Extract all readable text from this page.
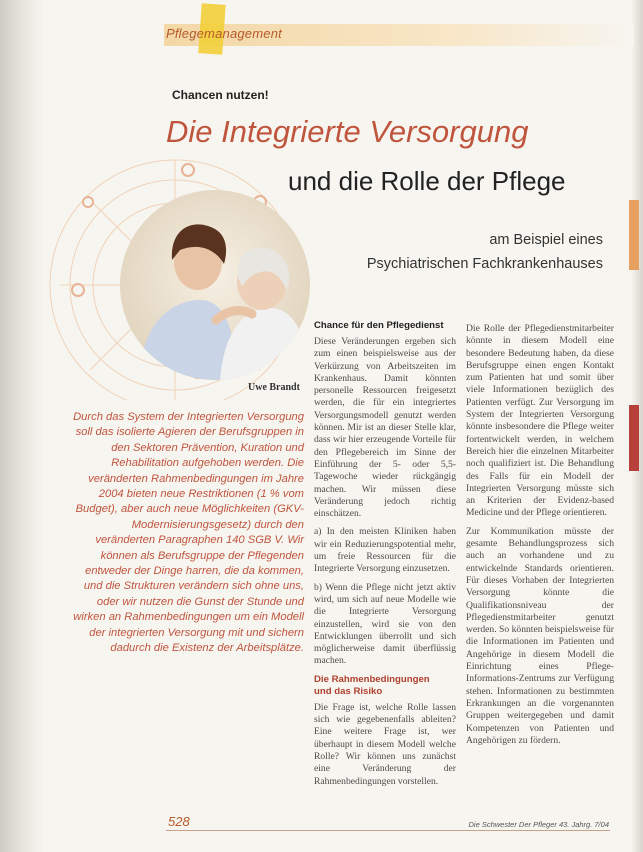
Pflegemanagement
Chancen nutzen!
Die Integrierte Versorgung
und die Rolle der Pflege
am Beispiel eines
Psychiatrischen Fachkrankenhauses
Uwe Brandt
Durch das System der Integrierten Versorgung soll das isolierte Agieren der Berufsgruppen in den Sektoren Prävention, Kuration und Rehabilitation aufgehoben werden. Die veränderten Rahmenbedingungen im Jahre 2004 bieten neue Restriktionen (1 % vom Budget), aber auch neue Möglichkeiten (GKV-Modernisierungsgesetz) durch den veränderten Paragraphen 140 SGB V. Wir können als Berufsgruppe der Pflegenden entweder der Dinge harren, die da kommen, und die Strukturen verändern sich ohne uns, oder wir nutzen die Gunst der Stunde und wirken an Rahmenbedingungen um ein Modell der integrierten Versorgung mit und sichern dadurch die Existenz der Arbeitsplätze.
Chance für den Pflegedienst

Diese Veränderungen ergeben sich zum einen beispielsweise aus der Verkürzung von Arbeitszeiten im Krankenhaus. Damit könnten personelle Ressourcen freigesetzt werden, die für ein integriertes Versorgungsmodell genutzt werden können. Mir ist an dieser Stelle klar, dass wir hier erzeugende Vorteile für den Pflegebereich im Sinne der Einführung der 5- oder 5,5-Tagewoche wieder rückgängig machen. Wir müssen diese Veränderung jedoch richtig einschätzen.

a) In den meisten Kliniken haben wir ein Reduzierungspotential mehr, um freie Ressourcen für die Integrierte Versorgung einzusetzen.

b) Wenn die Pflege nicht jetzt aktiv wird, um sich auf neue Modelle wie die Integrierte Versorgung einzustellen, wird sie von den Entwicklungen überrollt und sich möglicherweise damit überflüssig machen.

Die Rahmenbedingungen
und das Risiko

Die Frage ist, welche Rolle lassen sich wie gegebenenfalls ableiten? Eine weitere Frage ist, wer überhaupt in diesem Modell welche Rolle? Wir können uns zunächst eine Veränderung der Rahmenbedingungen vorstellen.

Die Rolle der Pflegedienstmitarbeiter könnte in diesem Modell eine besondere Bedeutung haben, da diese Berufsgruppe einen engen Kontakt zum Patienten hat und somit über viele Informationen bezüglich des Patienten verfügt. Zur Versorgung im System der Integrierten Versorgung könnte insbesondere die Pflege weiter fortentwickelt werden, in welchem Bereich hier die einzelnen Mitarbeiter noch qualifiziert ist. Die Behandlung des Falls für ein Modell der Integrierten Versorgung müsste sich an Kriterien der Evidenz-based Medicine und der Pflege orientieren.

Zur Kommunikation müsste der gesamte Behandlungsprozess sich auch an vorhandene und zu entwickelnde Standards orientieren. Für dieses Vorhaben der Integrierten Versorgung könnte die Qualifikationsniveau der Pflegedienstmitarbeiter genutzt werden. So könnten beispielsweise für die Informationen im Patienten und Angehörige in diesem Modell die Einrichtung eines Pflege-Informations-Zentrums zur Verfügung stehen. Informationen zu bestimmten Erkrankungen an die vorgenannten Gruppen weitergegeben und damit Kompetenzen von Patienten und Angehörigen zu fördern.

528	Die Schwester Der Pfleger 43. Jahrg. 7/04
